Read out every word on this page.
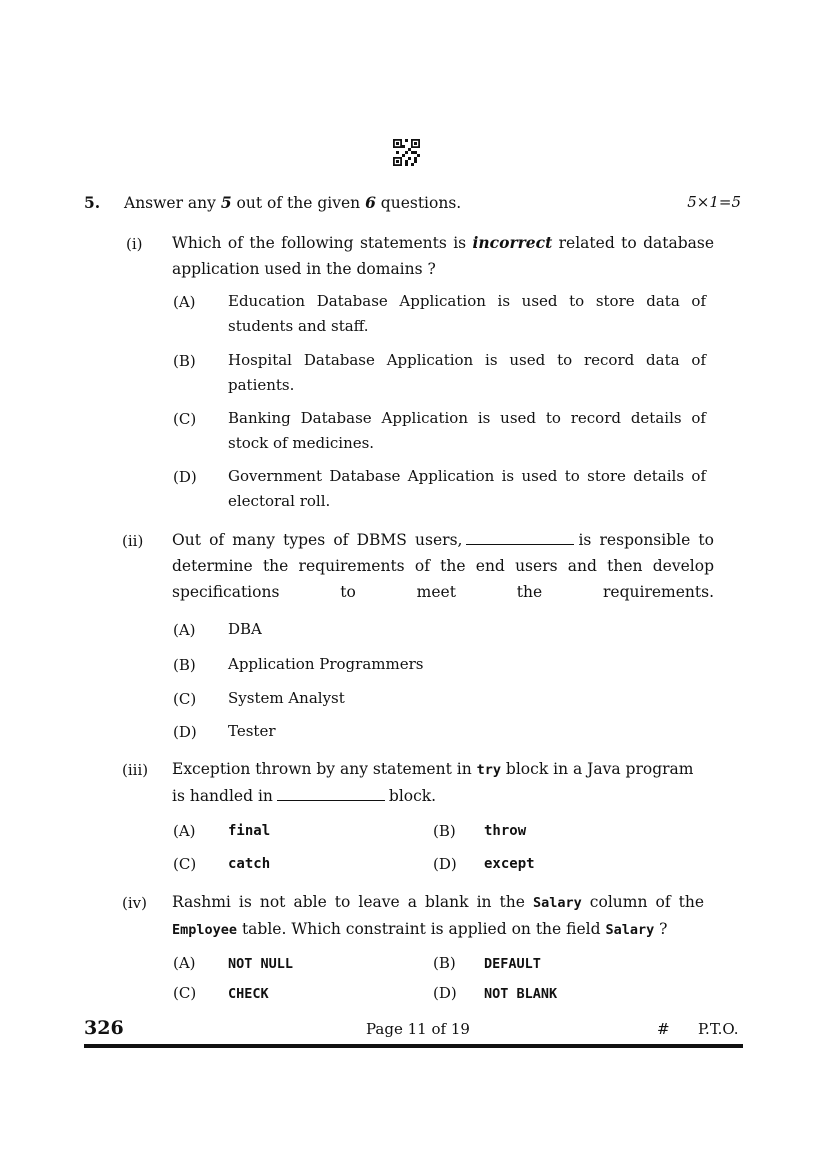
5. Answer any 5 out of the given 6 questions.	5×1=5
(i) Which of the following statements is incorrect related to database
application used in the domains ?
(A) Education Database Application is used to store data of students and staff.
(B) Hospital Database Application is used to record data of patients.
(C) Banking Database Application is used to record details of stock of medicines.
(D) Government Database Application is used to store details of electoral roll.
(ii) Out of many types of DBMS users,	is responsible to determine the requirements of the end users and then develop specifications to meet the requirements.
(A) DBA
(B) Application Programmers
(C) System Analyst
(D) Tester
(iii) Exception thrown by any statement in try block in a Java program
is handled in	block.
(A) final	(B) throw
(C) catch	(D) except
(iv) Rashmi is not able to leave a blank in the Salary column of the
Employee table. Which constraint is applied on the field Salary ?
(A) NOT NULL	(B) DEFAULT
(C) CHECK	(D) NOT BLANK
326	Page 11 of 19	# P.T.O.
